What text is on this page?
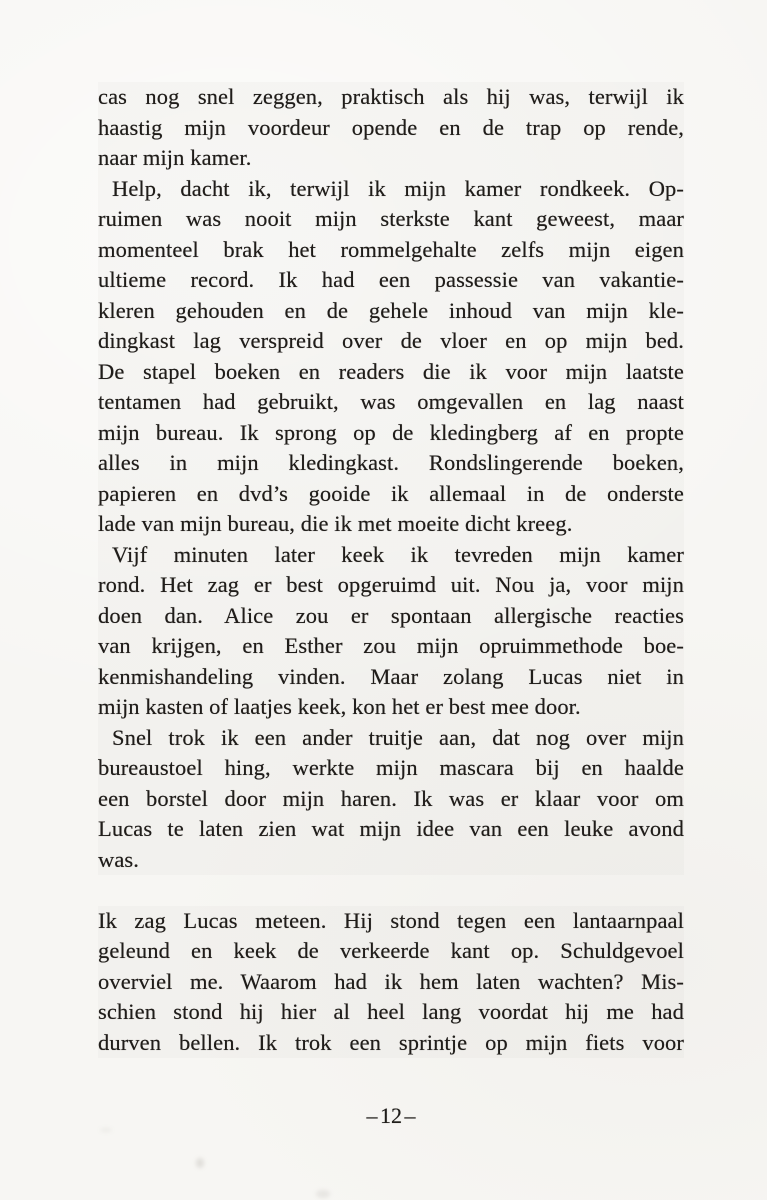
cas nog snel zeggen, praktisch als hij was, terwijl ik
haastig mijn voordeur opende en de trap op rende,
naar mijn kamer.
Help, dacht ik, terwijl ik mijn kamer rondkeek. Op-
ruimen was nooit mijn sterkste kant geweest, maar
momenteel brak het rommelgehalte zelfs mijn eigen
ultieme record. Ik had een passessie van vakantie-
kleren gehouden en de gehele inhoud van mijn kle-
dingkast lag verspreid over de vloer en op mijn bed.
De stapel boeken en readers die ik voor mijn laatste
tentamen had gebruikt, was omgevallen en lag naast
mijn bureau. Ik sprong op de kledingberg af en propte
alles in mijn kledingkast. Rondslingerende boeken,
papieren en dvd’s gooide ik allemaal in de onderste
lade van mijn bureau, die ik met moeite dicht kreeg.
Vijf minuten later keek ik tevreden mijn kamer
rond. Het zag er best opgeruimd uit. Nou ja, voor mijn
doen dan. Alice zou er spontaan allergische reacties
van krijgen, en Esther zou mijn opruimmethode boe-
kenmishandeling vinden. Maar zolang Lucas niet in
mijn kasten of laatjes keek, kon het er best mee door.
Snel trok ik een ander truitje aan, dat nog over mijn
bureaustoel hing, werkte mijn mascara bij en haalde
een borstel door mijn haren. Ik was er klaar voor om
Lucas te laten zien wat mijn idee van een leuke avond
was.
Ik zag Lucas meteen. Hij stond tegen een lantaarnpaal
geleund en keek de verkeerde kant op. Schuldgevoel
overviel me. Waarom had ik hem laten wachten? Mis-
schien stond hij hier al heel lang voordat hij me had
durven bellen. Ik trok een sprintje op mijn fiets voor
– 12 –
